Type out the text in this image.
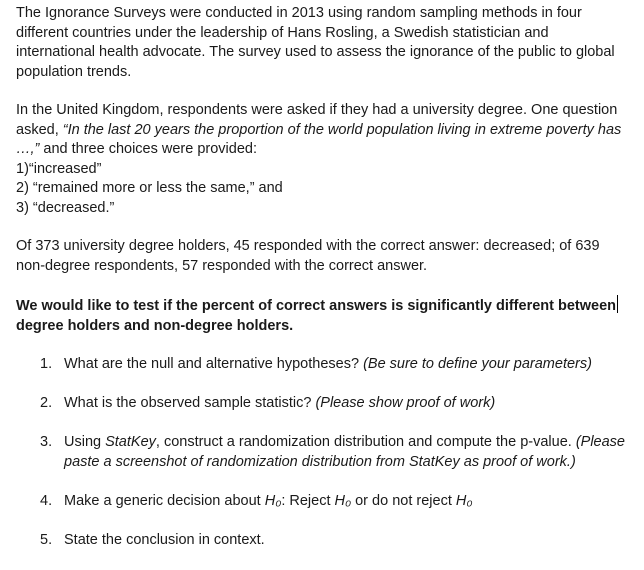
The Ignorance Surveys were conducted in 2013 using random sampling methods in four
different countries under the leadership of Hans Rosling, a Swedish statistician and
international health advocate. The survey used to assess the ignorance of the public to global
population trends.

In the United Kingdom, respondents were asked if they had a university degree. One question
asked, “In the last 20 years the proportion of the world population living in extreme poverty has
…,” and three choices were provided:
1)“increased”
2) “remained more or less the same,” and
3) “decreased.”

Of 373 university degree holders, 45 responded with the correct answer: decreased; of 639
non-degree respondents, 57 responded with the correct answer.

We would like to test if the percent of correct answers is significantly different between
degree holders and non-degree holders.

1. What are the null and alternative hypotheses? (Be sure to define your parameters)
2. What is the observed sample statistic? (Please show proof of work)
3. Using StatKey, construct a randomization distribution and compute the p-value. (Please
paste a screenshot of randomization distribution from StatKey as proof of work.)
4. Make a generic decision about H₀: Reject H₀ or do not reject H₀
5. State the conclusion in context.
